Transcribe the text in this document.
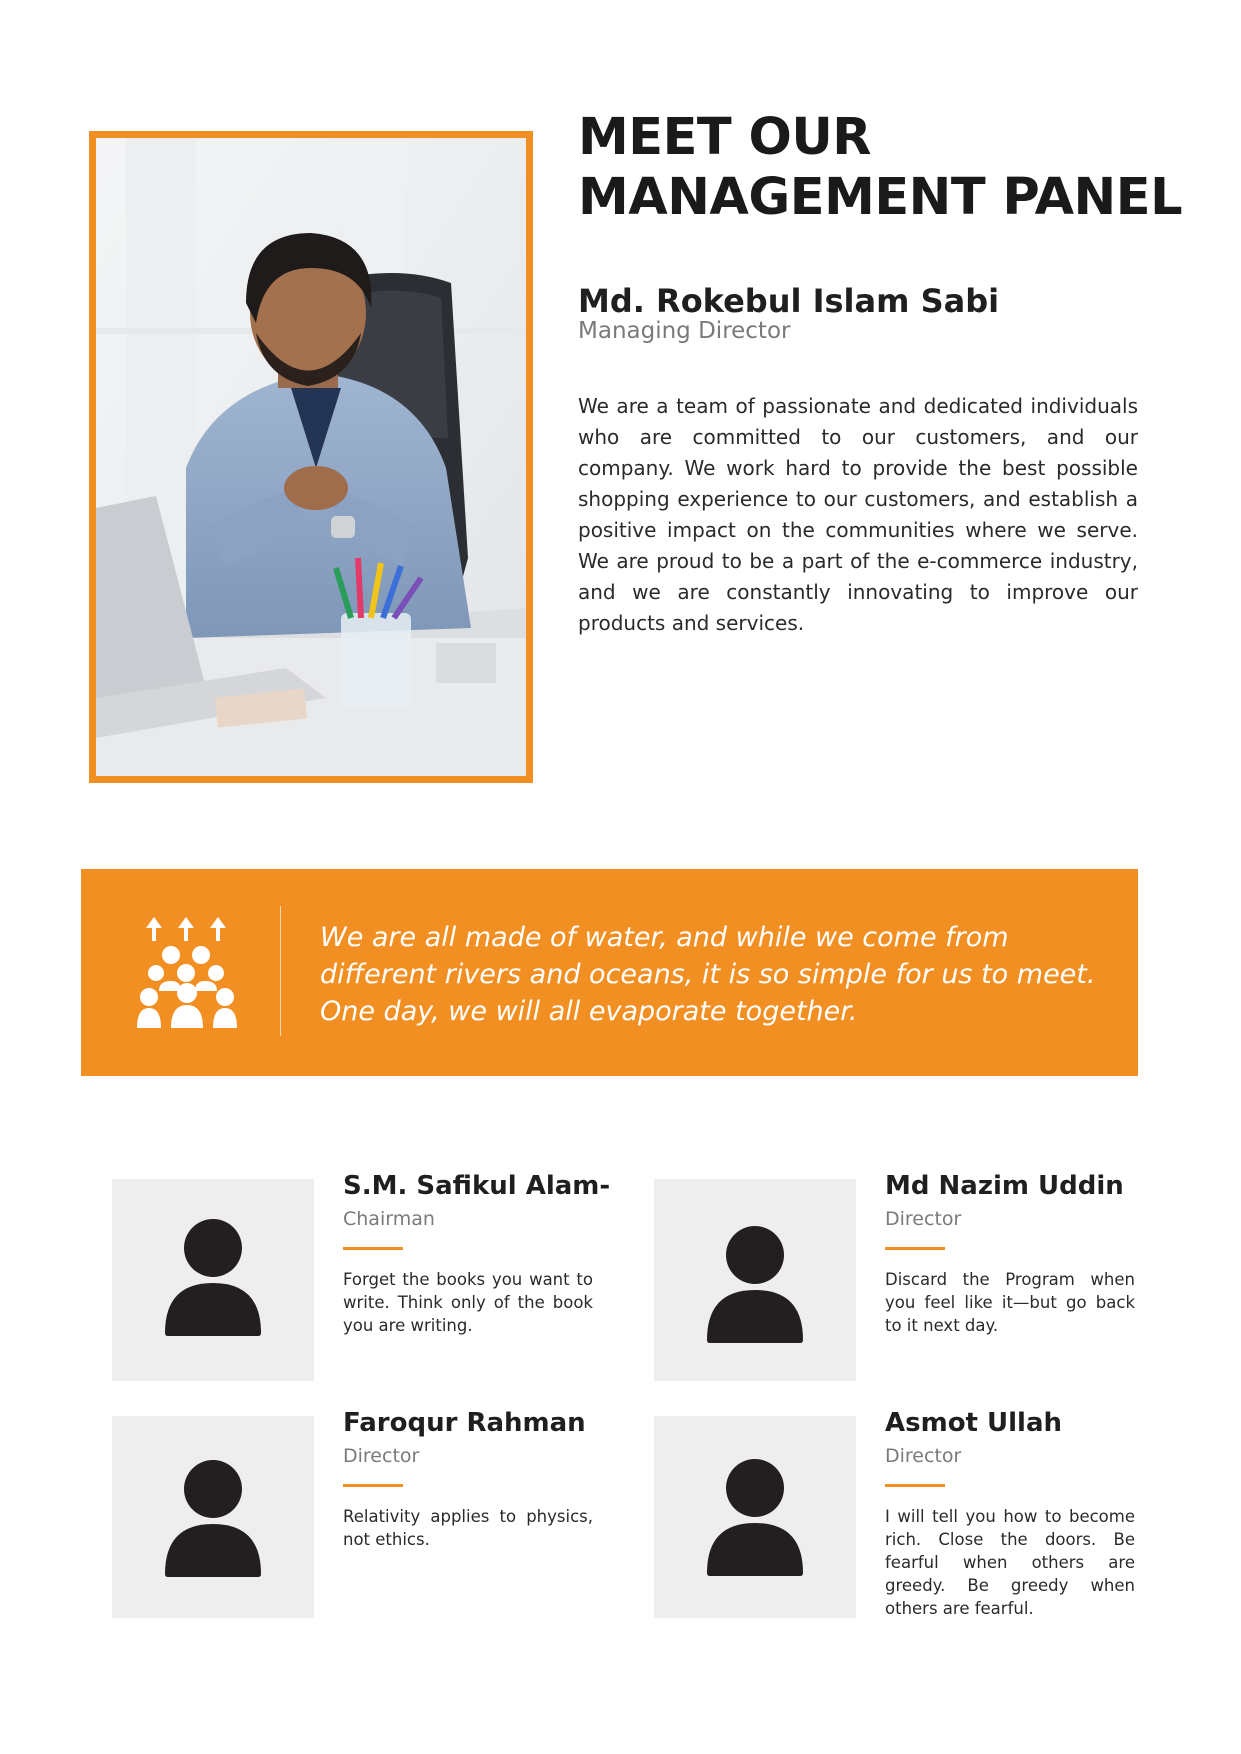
MEET OUR
MANAGEMENT PANEL
Md. Rokebul Islam Sabi
Managing Director

We are a team of passionate and dedicated individuals who are committed to our customers, and our company. We work hard to provide the best possible shopping experience to our customers, and establish a positive impact on the communities where we serve. We are proud to be a part of the e-commerce industry, and we are constantly innovating to improve our products and services.

We are all made of water, and while we come from different rivers and oceans, it is so simple for us to meet. One day, we will all evaporate together.

S.M. Safikul Alam-
Chairman

Forget the books you want to write. Think only of the book you are writing.

Md Nazim Uddin
Director

Discard the Program when you feel like it—but go back to it next day.

Faroqur Rahman
Director

Relativity applies to physics, not ethics.

Asmot Ullah
Director

I will tell you how to become rich. Close the doors. Be fearful when others are greedy. Be greedy when others are fearful.
